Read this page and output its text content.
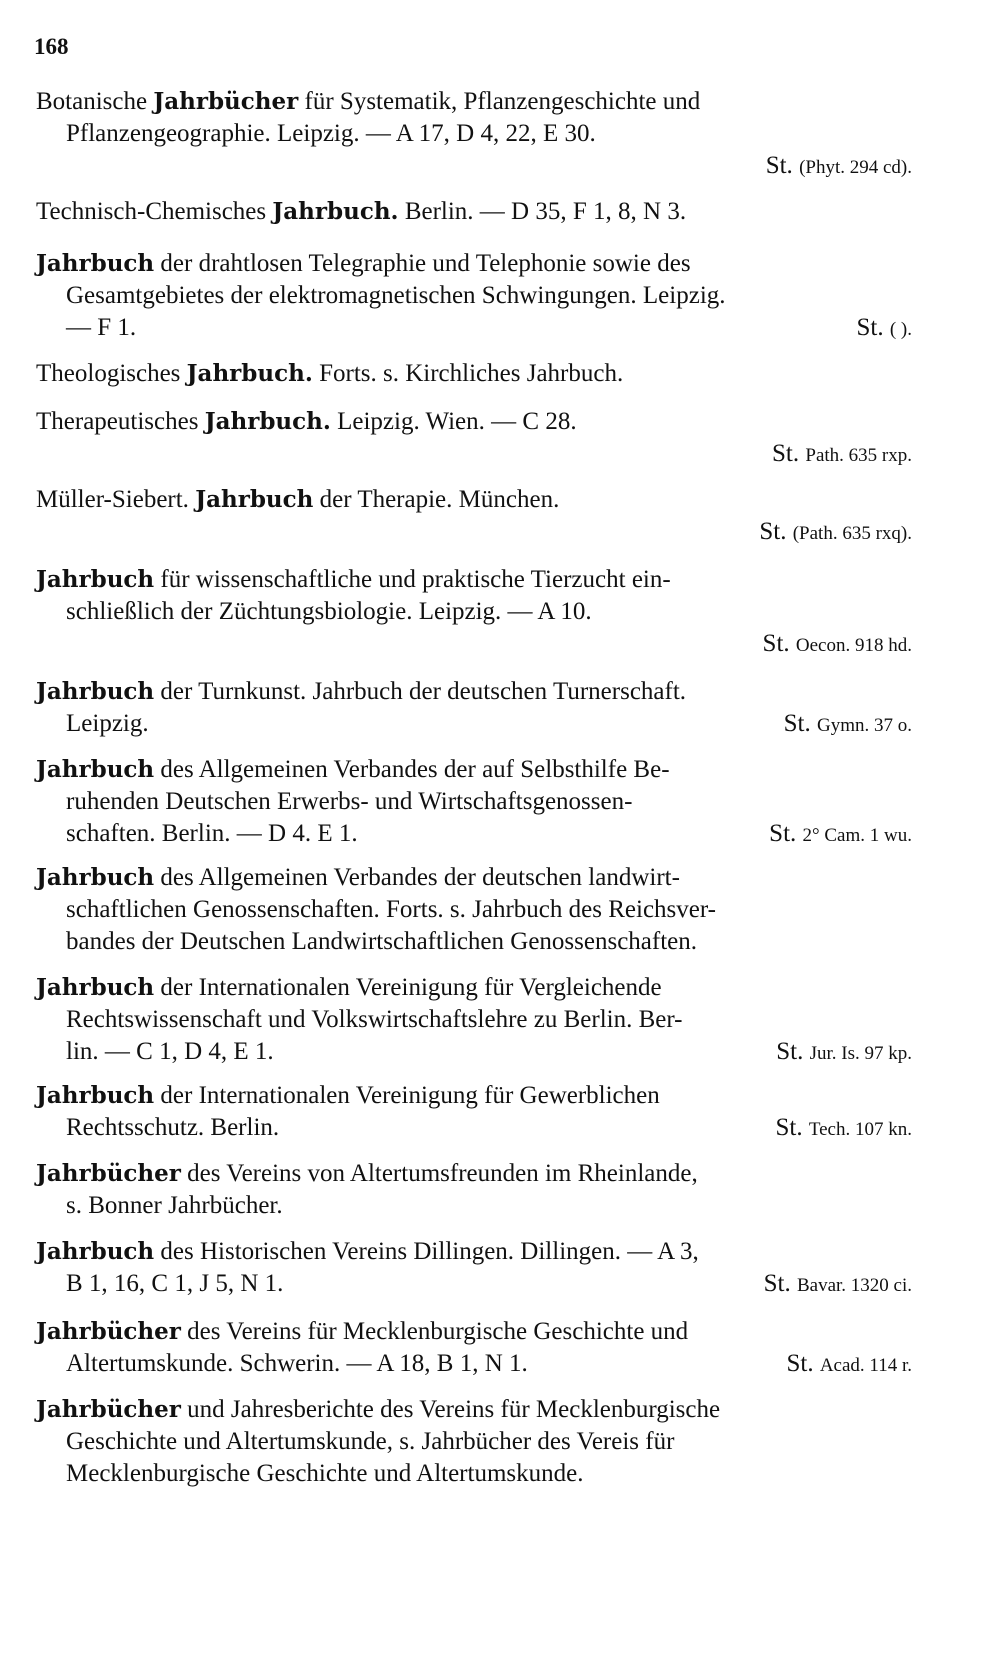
168
Botanische Jahrbücher für Systematik, Pflanzengeschichte und
Pflanzengeographie. Leipzig. — A 17, D 4, 22, E 30.
St. (Phyt. 294 cd).
Technisch-Chemisches Jahrbuch. Berlin. — D 35, F 1, 8, N 3.
Jahrbuch der drahtlosen Telegraphie und Telephonie sowie des
Gesamtgebietes der elektromagnetischen Schwingungen. Leipzig.
— F 1.	St. ( ).
Theologisches Jahrbuch. Forts. s. Kirchliches Jahrbuch.
Therapeutisches Jahrbuch. Leipzig. Wien. — C 28.
St. Path. 635 rxp.
Müller-Siebert. Jahrbuch der Therapie. München.
St. (Path. 635 rxq).
Jahrbuch für wissenschaftliche und praktische Tierzucht ein-
schließlich der Züchtungsbiologie. Leipzig. — A 10.
St. Oecon. 918 hd.
Jahrbuch der Turnkunst. Jahrbuch der deutschen Turnerschaft.
Leipzig.	St. Gymn. 37 o.
Jahrbuch des Allgemeinen Verbandes der auf Selbsthilfe Be-
ruhenden Deutschen Erwerbs- und Wirtschaftsgenossen-
schaften. Berlin. — D 4. E 1.	St. 2° Cam. 1 wu.
Jahrbuch des Allgemeinen Verbandes der deutschen landwirt-
schaftlichen Genossenschaften. Forts. s. Jahrbuch des Reichsver-
bandes der Deutschen Landwirtschaftlichen Genossenschaften.
Jahrbuch der Internationalen Vereinigung für Vergleichende
Rechtswissenschaft und Volkswirtschaftslehre zu Berlin. Ber-
lin. — C 1, D 4, E 1.	St. Jur. Is. 97 kp.
Jahrbuch der Internationalen Vereinigung für Gewerblichen
Rechtsschutz. Berlin.	St. Tech. 107 kn.
Jahrbücher des Vereins von Altertumsfreunden im Rheinlande,
s. Bonner Jahrbücher.
Jahrbuch des Historischen Vereins Dillingen. Dillingen. — A 3,
B 1, 16, C 1, J 5, N 1.	St. Bavar. 1320 ci.
Jahrbücher des Vereins für Mecklenburgische Geschichte und
Altertumskunde. Schwerin. — A 18, B 1, N 1.	St. Acad. 114 r.
Jahrbücher und Jahresberichte des Vereins für Mecklenburgische
Geschichte und Altertumskunde, s. Jahrbücher des Vereis für
Mecklenburgische Geschichte und Altertumskunde.
